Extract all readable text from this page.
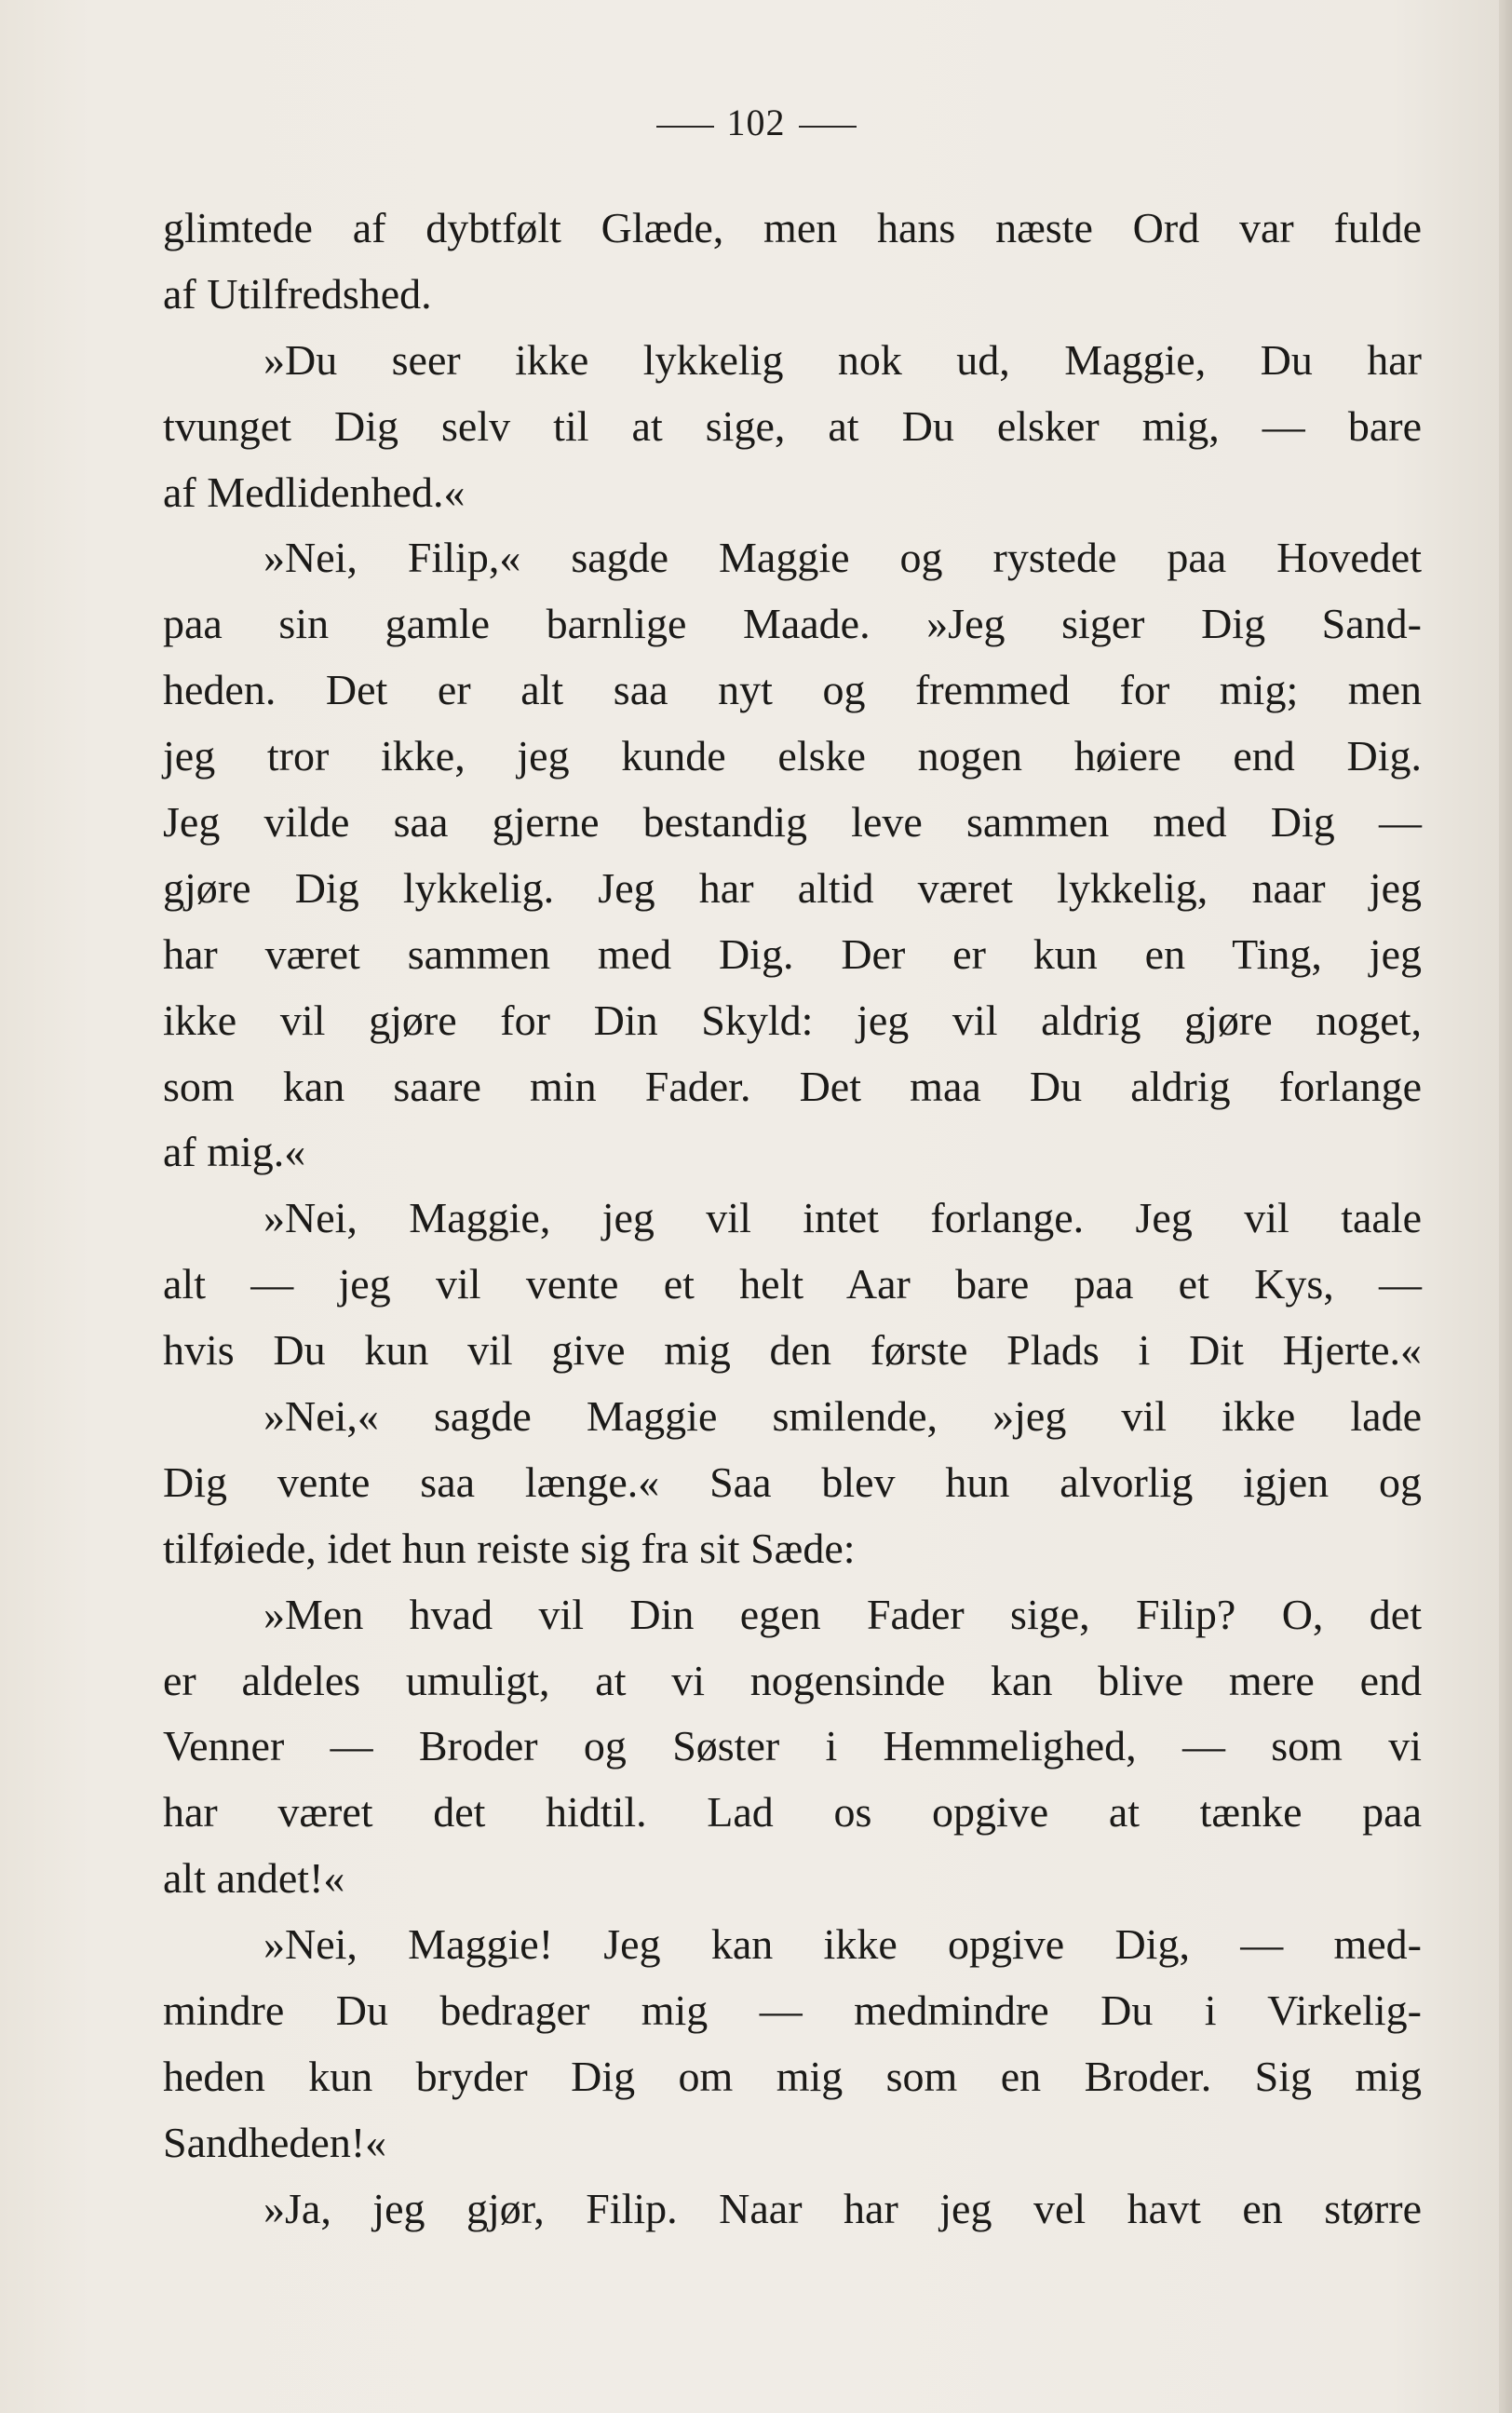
102
glimtede af dybtfølt Glæde, men hans næste Ord var fulde
af Utilfredshed.
»Du seer ikke lykkelig nok ud, Maggie, Du har
tvunget Dig selv til at sige, at Du elsker mig, — bare
af Medlidenhed.«
»Nei, Filip,« sagde Maggie og rystede paa Hovedet
paa sin gamle barnlige Maade. »Jeg siger Dig Sand-
heden. Det er alt saa nyt og fremmed for mig; men
jeg tror ikke, jeg kunde elske nogen høiere end Dig.
Jeg vilde saa gjerne bestandig leve sammen med Dig —
gjøre Dig lykkelig. Jeg har altid været lykkelig, naar jeg
har været sammen med Dig. Der er kun en Ting, jeg
ikke vil gjøre for Din Skyld: jeg vil aldrig gjøre noget,
som kan saare min Fader. Det maa Du aldrig forlange
af mig.«
»Nei, Maggie, jeg vil intet forlange. Jeg vil taale
alt — jeg vil vente et helt Aar bare paa et Kys, —
hvis Du kun vil give mig den første Plads i Dit Hjerte.«
»Nei,« sagde Maggie smilende, »jeg vil ikke lade
Dig vente saa længe.« Saa blev hun alvorlig igjen og
tilføiede, idet hun reiste sig fra sit Sæde:
»Men hvad vil Din egen Fader sige, Filip? O, det
er aldeles umuligt, at vi nogensinde kan blive mere end
Venner — Broder og Søster i Hemmelighed, — som vi
har været det hidtil. Lad os opgive at tænke paa
alt andet!«
»Nei, Maggie! Jeg kan ikke opgive Dig, — med-
mindre Du bedrager mig — medmindre Du i Virkelig-
heden kun bryder Dig om mig som en Broder. Sig mig
Sandheden!«
»Ja, jeg gjør, Filip. Naar har jeg vel havt en større
